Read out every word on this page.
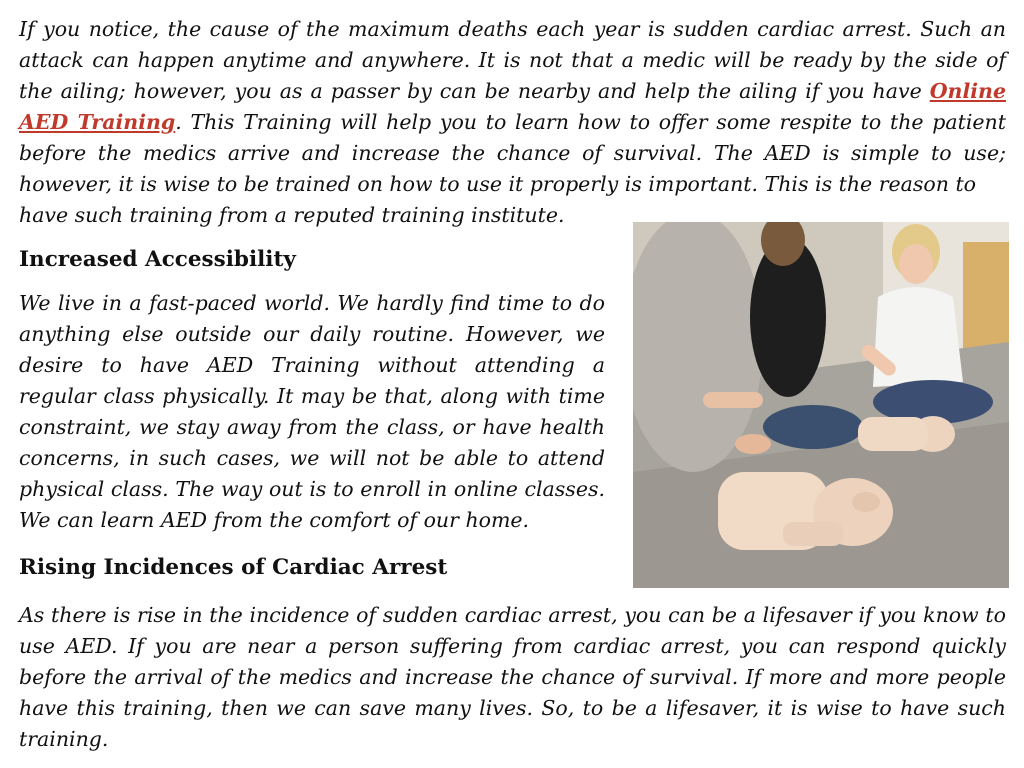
If you notice, the cause of the maximum deaths each year is sudden cardiac arrest. Such an attack can happen anytime and anywhere. It is not that a medic will be ready by the side of the ailing; however, you as a passer by can be nearby and help the ailing if you have Online AED Training. This Training will help you to learn how to offer some respite to the patient before the medics arrive and increase the chance of survival. The AED is simple to use; however, it is wise to be trained on how to use it properly is important. This is the reason to

have such training from a reputed training institute.

Increased Accessibility

We live in a fast-paced world. We hardly find time to do anything else outside our daily routine. However, we desire to have AED Training without attending a regular class physically. It may be that, along with time constraint, we stay away from the class, or have health concerns, in such cases, we will not be able to attend physical class. The way out is to enroll in online classes. We can learn AED from the comfort of our home.

Rising Incidences of Cardiac Arrest

As there is rise in the incidence of sudden cardiac arrest, you can be a lifesaver if you know to use AED. If you are near a person suffering from cardiac arrest, you can respond quickly before the arrival of the medics and increase the chance of survival. If more and more people have this training, then we can save many lives. So, to be a lifesaver, it is wise to have such training.
